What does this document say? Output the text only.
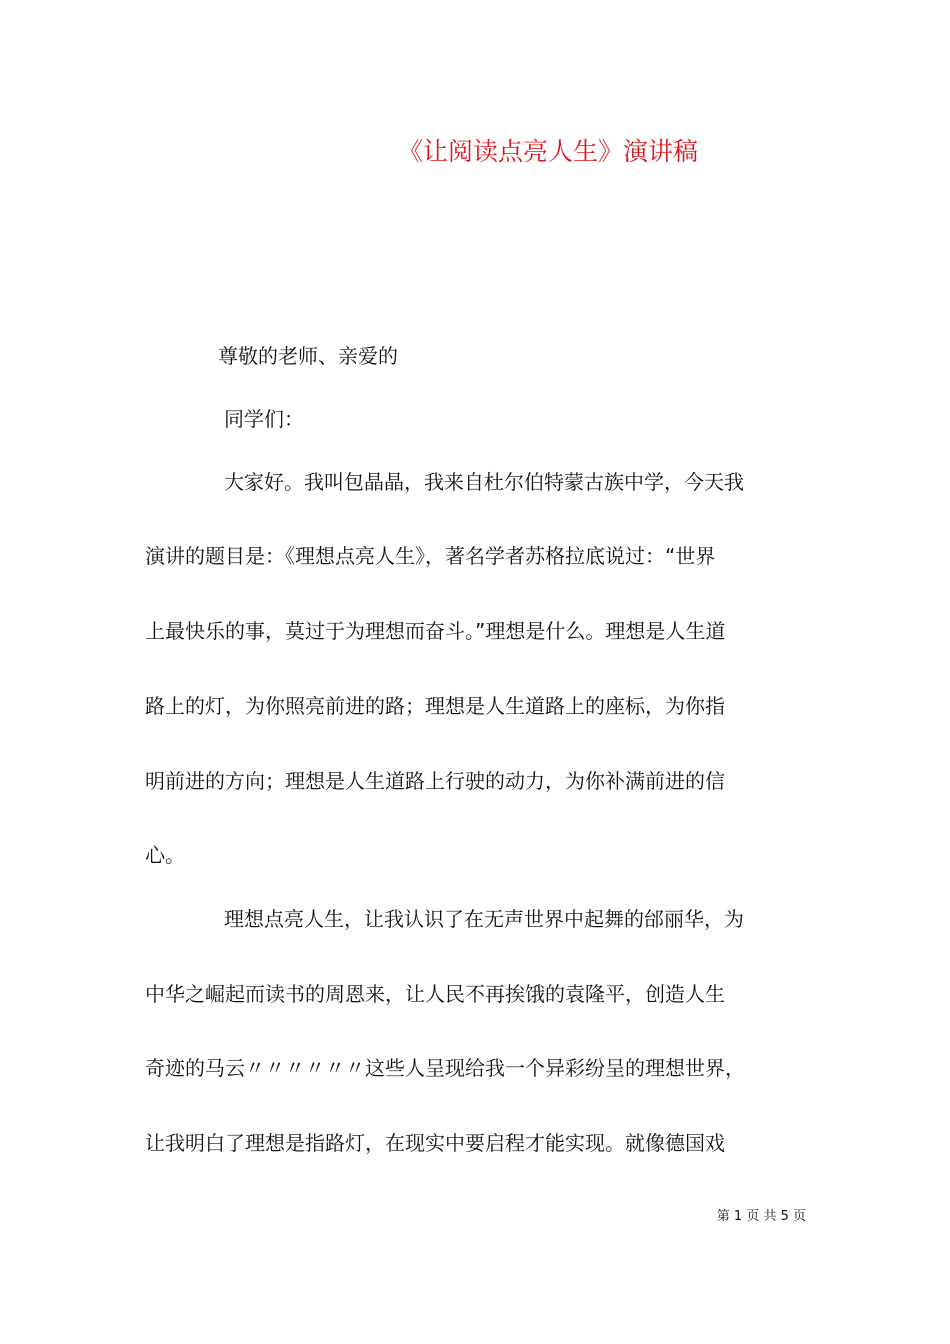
《让阅读点亮人生》演讲稿
尊敬的老师、亲爱的
同学们：
大家好。我叫包晶晶，我来自杜尔伯特蒙古族中学，今天我
演讲的题目是：《理想点亮人生》，著名学者苏格拉底说过：“世界
上最快乐的事，莫过于为理想而奋斗。”理想是什么。理想是人生道
路上的灯，为你照亮前进的路；理想是人生道路上的座标，为你指
明前进的方向；理想是人生道路上行驶的动力，为你补满前进的信
心。
理想点亮人生，让我认识了在无声世界中起舞的邰丽华，为
中华之崛起而读书的周恩来，让人民不再挨饿的袁隆平，创造人生
奇迹的马云〃〃〃〃〃〃这些人呈现给我一个异彩纷呈的理想世界，
让我明白了理想是指路灯，在现实中要启程才能实现。就像德国戏
第 1 页 共 5 页
